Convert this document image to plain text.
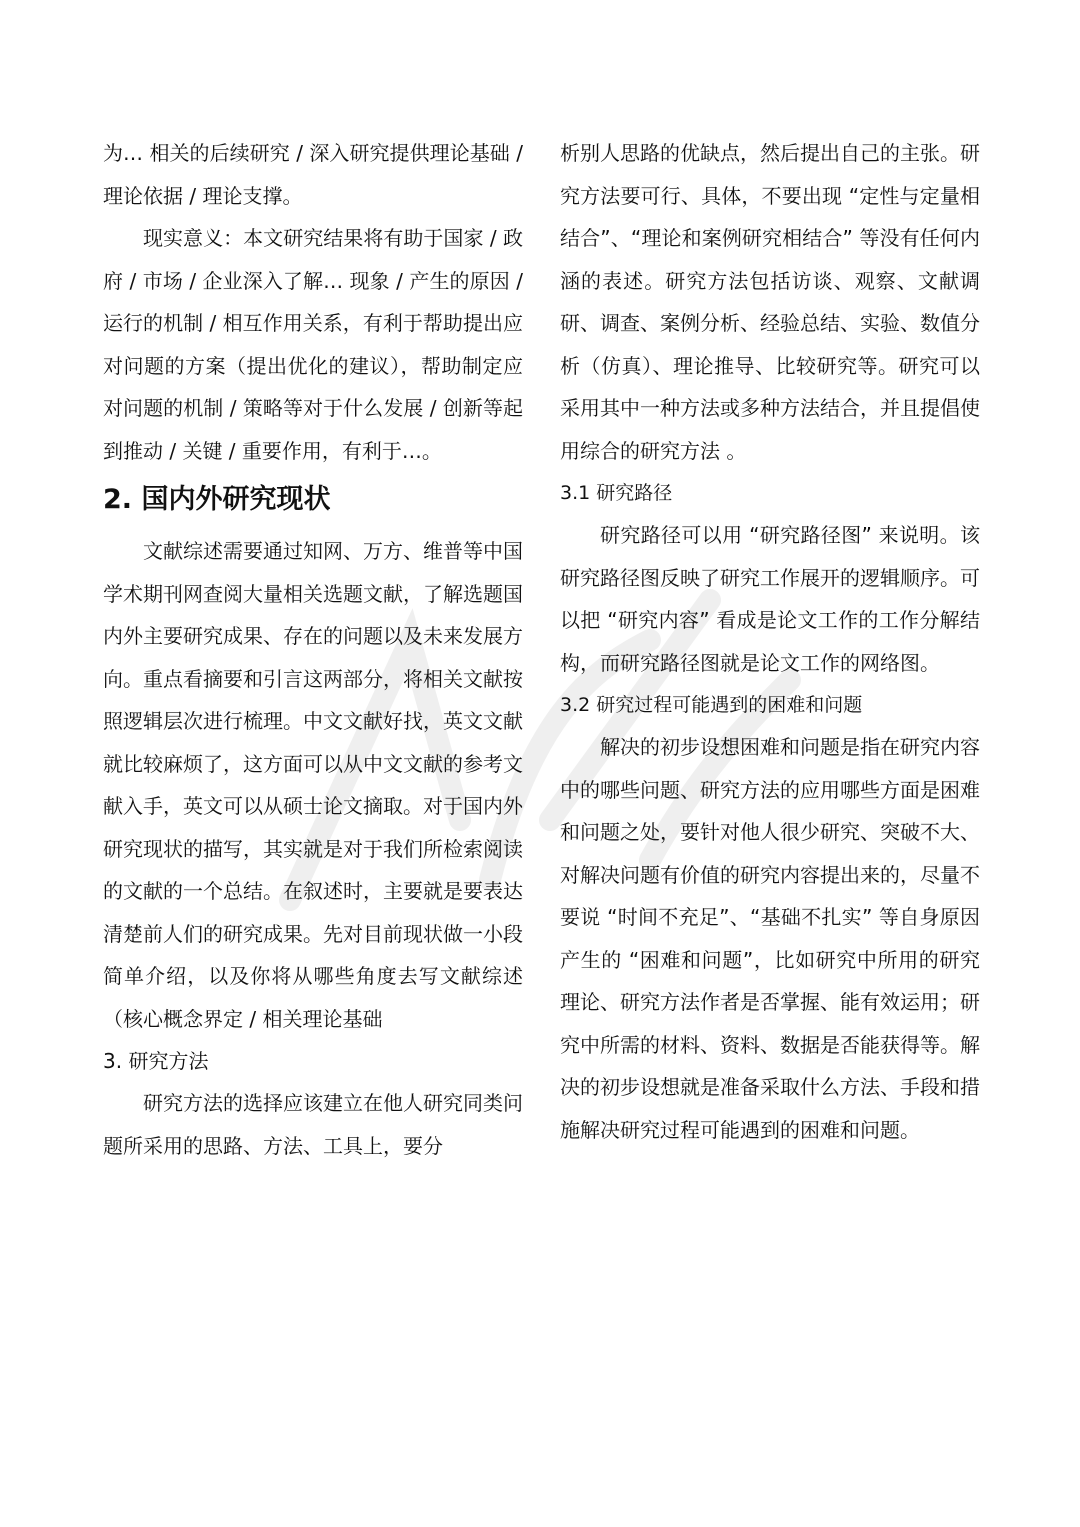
为… 相关的后续研究 / 深入研究提供理论基础 / 理论依据 / 理论支撑。

现实意义：本文研究结果将有助于国家 / 政府 / 市场 / 企业深入了解… 现象 / 产生的原因 / 运行的机制 / 相互作用关系，有利于帮助提出应对问题的方案（提出优化的建议），帮助制定应对问题的机制 / 策略等对于什么发展 / 创新等起到推动 / 关键 / 重要作用，有利于…。

2. 国内外研究现状

文献综述需要通过知网、万方、维普等中国学术期刊网查阅大量相关选题文献，了解选题国内外主要研究成果、存在的问题以及未来发展方向。重点看摘要和引言这两部分，将相关文献按照逻辑层次进行梳理。中文文献好找，英文文献就比较麻烦了，这方面可以从中文文献的参考文献入手，英文可以从硕士论文摘取。对于国内外研究现状的描写，其实就是对于我们所检索阅读的文献的一个总结。在叙述时，主要就是要表达清楚前人们的研究成果。先对目前现状做一小段简单介绍，以及你将从哪些角度去写文献综述（核心概念界定 / 相关理论基础

3. 研究方法

研究方法的选择应该建立在他人研究同类问题所采用的思路、方法、工具上，要分

析别人思路的优缺点，然后提出自己的主张。研究方法要可行、具体，不要出现 “定性与定量相结合”、“理论和案例研究相结合” 等没有任何内涵的表述。研究方法包括访谈、观察、文献调研、调查、案例分析、经验总结、实验、数值分析（仿真）、理论推导、比较研究等。研究可以采用其中一种方法或多种方法结合，并且提倡使用综合的研究方法 。

3.1 研究路径

研究路径可以用 “研究路径图” 来说明。该研究路径图反映了研究工作展开的逻辑顺序。可以把 “研究内容” 看成是论文工作的工作分解结构，而研究路径图就是论文工作的网络图。

3.2 研究过程可能遇到的困难和问题

解决的初步设想困难和问题是指在研究内容中的哪些问题、研究方法的应用哪些方面是困难和问题之处，要针对他人很少研究、突破不大、对解决问题有价值的研究内容提出来的，尽量不要说 “时间不充足”、“基础不扎实” 等自身原因产生的 “困难和问题”，比如研究中所用的研究理论、研究方法作者是否掌握、能有效运用；研究中所需的材料、资料、数据是否能获得等。解决的初步设想就是准备采取什么方法、手段和措施解决研究过程可能遇到的困难和问题。
